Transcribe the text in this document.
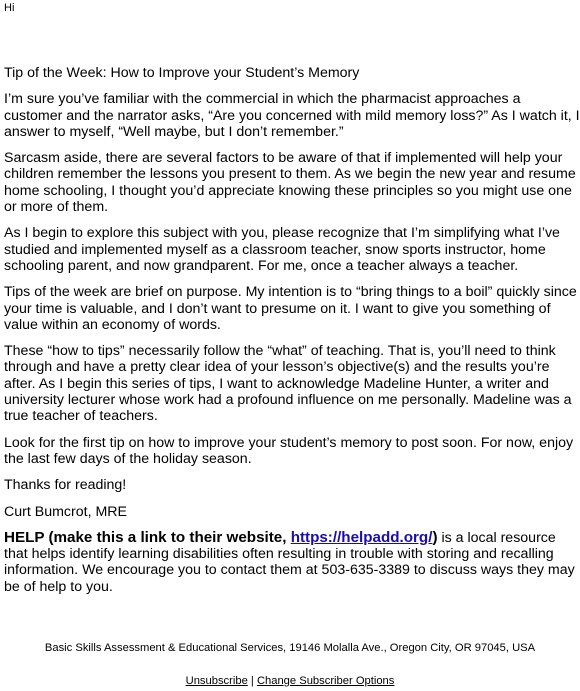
Hi

Tip of the Week: How to Improve your Student’s Memory

I’m sure you’ve familiar with the commercial in which the pharmacist approaches a customer and the narrator asks, “Are you concerned with mild memory loss?” As I watch it, I answer to myself, “Well maybe, but I don’t remember.”

Sarcasm aside, there are several factors to be aware of that if implemented will help your children remember the lessons you present to them. As we begin the new year and resume home schooling, I thought you’d appreciate knowing these principles so you might use one or more of them.

As I begin to explore this subject with you, please recognize that I’m simplifying what I’ve studied and implemented myself as a classroom teacher, snow sports instructor, home schooling parent, and now grandparent. For me, once a teacher always a teacher.

Tips of the week are brief on purpose. My intention is to “bring things to a boil” quickly since your time is valuable, and I don’t want to presume on it. I want to give you something of value within an economy of words.

These “how to tips” necessarily follow the “what” of teaching. That is, you’ll need to think through and have a pretty clear idea of your lesson’s objective(s) and the results you’re after. As I begin this series of tips, I want to acknowledge Madeline Hunter, a writer and university lecturer whose work had a profound influence on me personally. Madeline was a true teacher of teachers.

Look for the first tip on how to improve your student’s memory to post soon. For now, enjoy the last few days of the holiday season.

Thanks for reading!

Curt Bumcrot, MRE

HELP (make this a link to their website, https://helpadd.org/) is a local resource that helps identify learning disabilities often resulting in trouble with storing and recalling information. We encourage you to contact them at 503-635-3389 to discuss ways they may be of help to you.

Basic Skills Assessment & Educational Services, 19146 Molalla Ave., Oregon City, OR 97045, USA
Unsubscribe | Change Subscriber Options
